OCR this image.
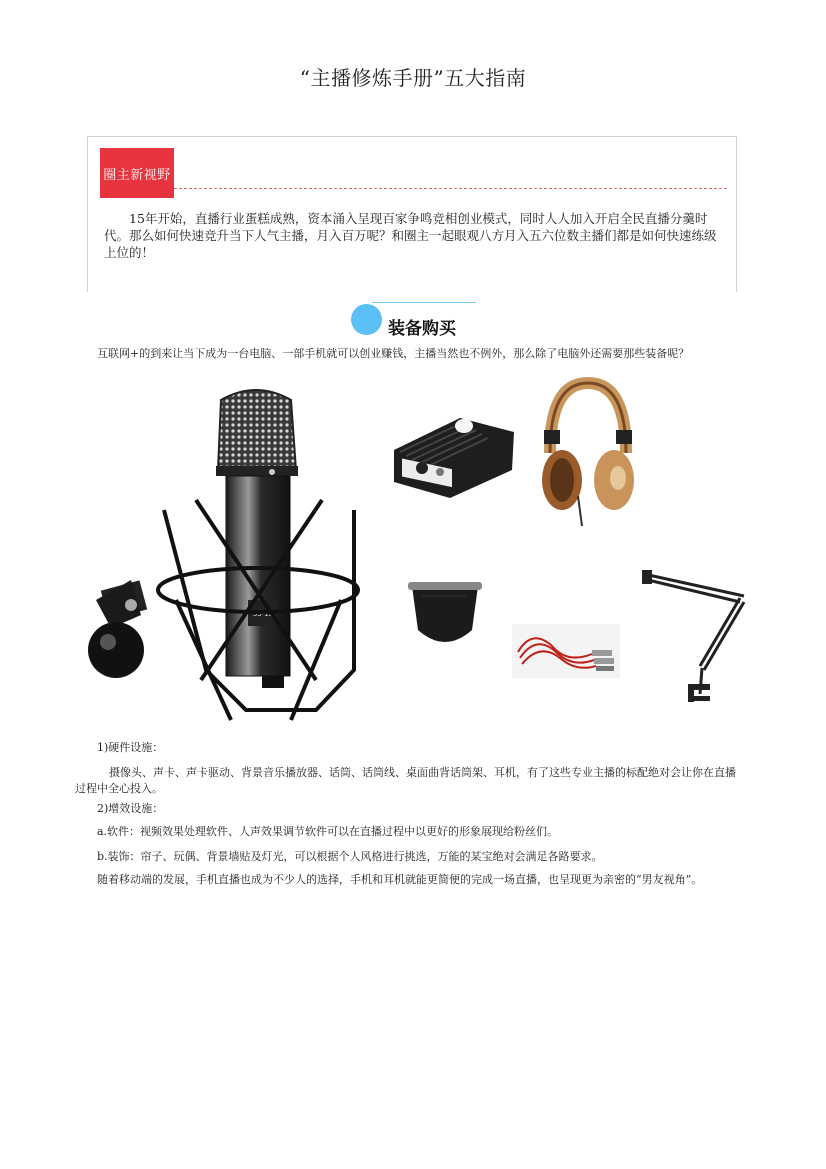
“主播修炼手册”五大指南
圈主新视野
15年开始，直播行业蛋糕成熟，资本涌入呈现百家争鸣竞相创业模式，同时人人加入开启全民直播分羹时代。那么如何快速竞升当下人气主播，月入百万呢？和圈主一起眼观八方月入五六位数主播们都是如何快速练级上位的！
装备购买
互联网+的到来让当下成为一台电脑、一部手机就可以创业赚钱，主播当然也不例外，那么除了电脑外还需要那些装备呢？
33-12
1)硬件设施：
摄像头、声卡、声卡驱动、背景音乐播放器、话筒、话筒线、桌面曲背话筒架、耳机，有了这些专业主播的标配绝对会让你在直播过程中全心投入。
2)增效设施：
a.软件：视频效果处理软件、人声效果调节软件可以在直播过程中以更好的形象展现给粉丝们。
b.装饰：帘子、玩偶、背景墙贴及灯光，可以根据个人风格进行挑选，万能的某宝绝对会满足各路要求。
随着移动端的发展，手机直播也成为不少人的选择，手机和耳机就能更简便的完成一场直播，也呈现更为亲密的“男友视角”。
